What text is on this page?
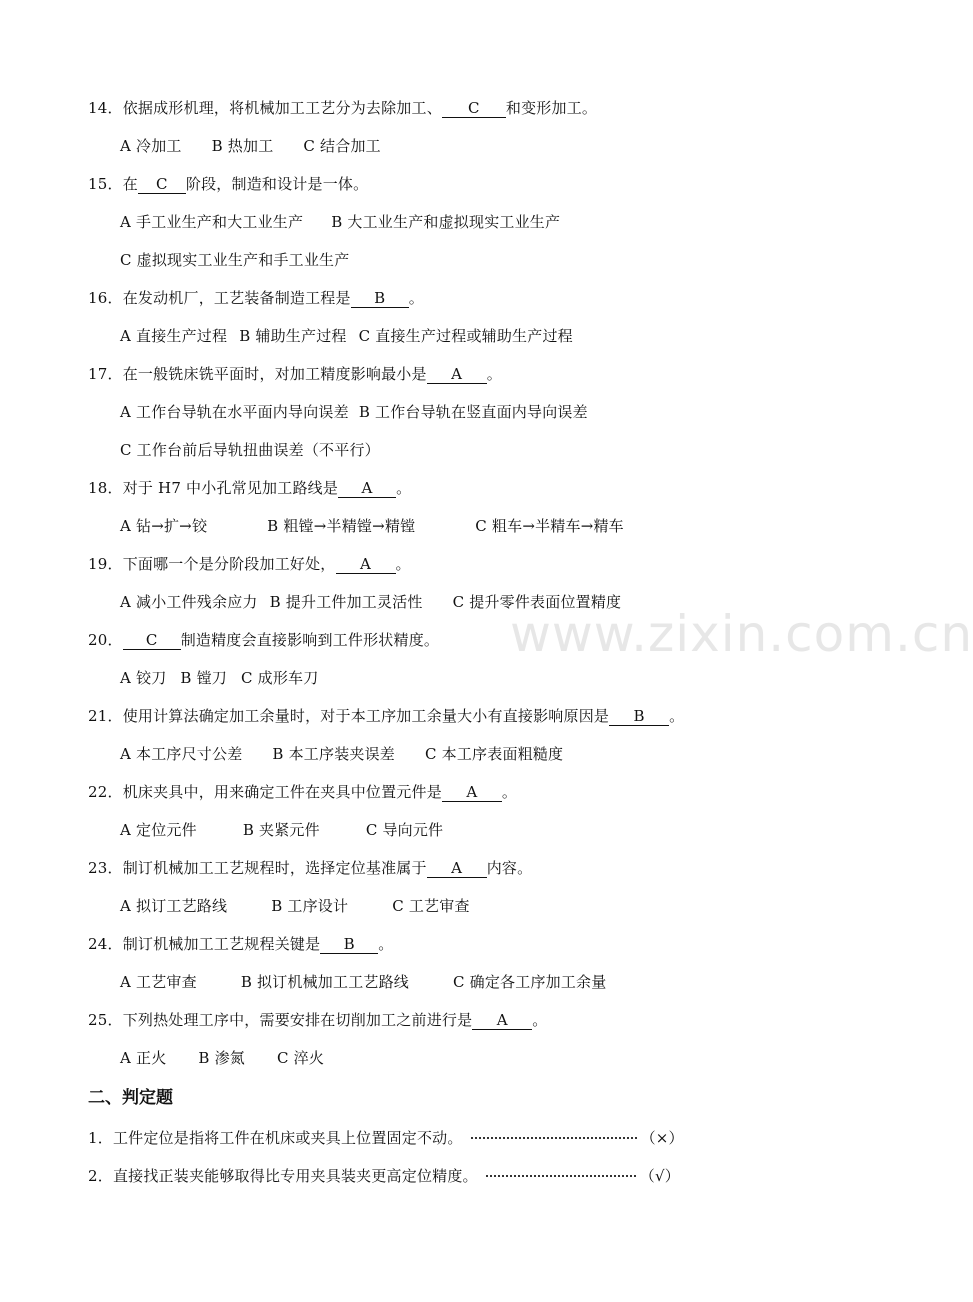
14．依据成形机理，将机械加工工艺分为去除加工、 C 和变形加工。
A 冷加工 B 热加工 C 结合加工
15．在 C 阶段，制造和设计是一体。
A 手工业生产和大工业生产 B 大工业生产和虚拟现实工业生产
C 虚拟现实工业生产和手工业生产
16．在发动机厂，工艺装备制造工程是 B 。
A 直接生产过程 B 辅助生产过程 C 直接生产过程或辅助生产过程
17．在一般铣床铣平面时，对加工精度影响最小是 A 。
A 工作台导轨在水平面内导向误差 B 工作台导轨在竖直面内导向误差
C 工作台前后导轨扭曲误差（不平行）
18．对于 H7 中小孔常见加工路线是 A 。
A 钻→扩→铰	B 粗镗→半精镗→精镗	C 粗车→半精车→精车
19．下面哪一个是分阶段加工好处， A 。
A 减小工件残余应力 B 提升工件加工灵活性 C 提升零件表面位置精度
20． C 制造精度会直接影响到工件形状精度。
A 铰刀 B 镗刀 C 成形车刀
21．使用计算法确定加工余量时，对于本工序加工余量大小有直接影响原因是 B 。
A 本工序尺寸公差 B 本工序装夹误差 C 本工序表面粗糙度
22．机床夹具中，用来确定工件在夹具中位置元件是 A 。
A 定位元件	B 夹紧元件	C 导向元件
23．制订机械加工工艺规程时，选择定位基准属于 A 内容。
A 拟订工艺路线	B 工序设计	C 工艺审查
24．制订机械加工工艺规程关键是 B 。
A 工艺审查	B 拟订机械加工工艺路线	C 确定各工序加工余量
25．下列热处理工序中，需要安排在切削加工之前进行是 A 。
A 正火 B 渗氮 C 淬火
二、判定题
1．工件定位是指将工件在机床或夹具上位置固定不动。	（×）
2．直接找正装夹能够取得比专用夹具装夹更高定位精度。	（√）
www.zixin.com.cn
